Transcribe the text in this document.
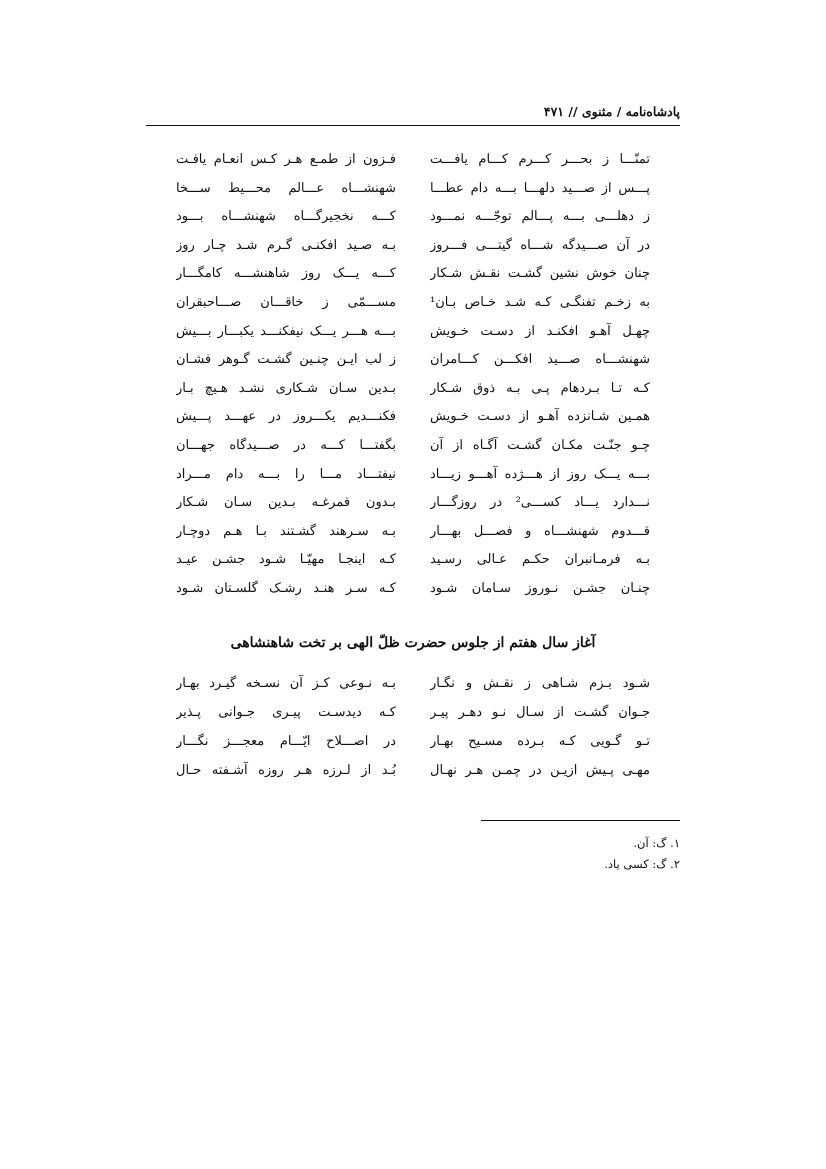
پادشاه‌نامه / مثنوی // ۴۷۱
تمنّـــا ز بحـــر کـــرم کـــام یافـــت
فـزون از طمـع هـر کـس انعـام یافـت
پـــس از صـــید دلهـــا بـــه دام عطـــا
شهنشـــاه عـــالم محـــیط ســـخا
ز دهلـــی بـــه پـــالم توجّـــه نمـــود
کـــه نخجیرگـــاه شهنشـــاه بـــود
در آن صـــیدگه شـــاه گیتـــی فـــروز
بـه صـید افکنـی گـرم شـد چـار روز
چنان خوش نشین گشـت نقـش شـکار
کـــه یـــک روز شاهنشـــه کامگـــار
به زخـم تفنگـی کـه شـد خـاص بـان¹
مســـمّی ز خاقـــان صـــاحبقران
چهـل آهـو افکنـد از دسـت خـویش
بـــه هـــر یـــک نیفکنـــد یکبـــار بـــیش
شهنشـــاه صـــید افکـــن کـــامران
ز لب ایـن چنـین گشـت گـوهر فشـان
کـه تـا بـردهام پـی بـه ذوق شـکار
بـدین سـان شـکاری نشـد هـیچ بـار
همـین شـانزده آهـو از دسـت خـویش
فکنـــدیم یکـــروز در عهـــد پـــیش
چـو جنّـت مکـان گشـت آگـاه از آن
بگفتـــا کـــه در صـــیدگاه جهـــان
بـــه یـــک روز از هـــژده آهـــو زیـــاد
نیفتـــاد مـــا را بـــه دام مـــراد
نـــدارد یـــاد کســـی² در روزگـــار
بـدون قمرغـه بـدین سـان شـکار
قـــدوم شهنشـــاه و فصـــل بهـــار
بـه سـرهند گشـتند بـا هـم دوچـار
بـه فرمـانبران حکـم عـالی رسـید
کـه اینجـا مهیّـا شـود جشـن عیـد
چنـان جشـن نـوروز سـامان شـود
کـه سـر هنـد رشـک گلسـتان شـود
آغاز سال هفتم از جلوس حضرت ظلّ الهی بر تخت شاهنشاهی
شـود بـزم شـاهی ز نقـش و نگـار
بـه نـوعی کـز آن نسـخه گیـرد بهـار
جـوان گشـت از سـال نـو دهـر پیـر
کـه دیدسـت پیـری جـوانی پـذیر
تـو گـویی کـه بـرده مسـیح بهـار
در اصـــلاح ایّـــام معجـــز نگـــار
مهـی پـیش ازیـن در چمـن هـر نهـال
بُـد از لـرزه هـر روزه آشـفته حـال
۱. گ: آن.
۲. گ: کسی یاد.
